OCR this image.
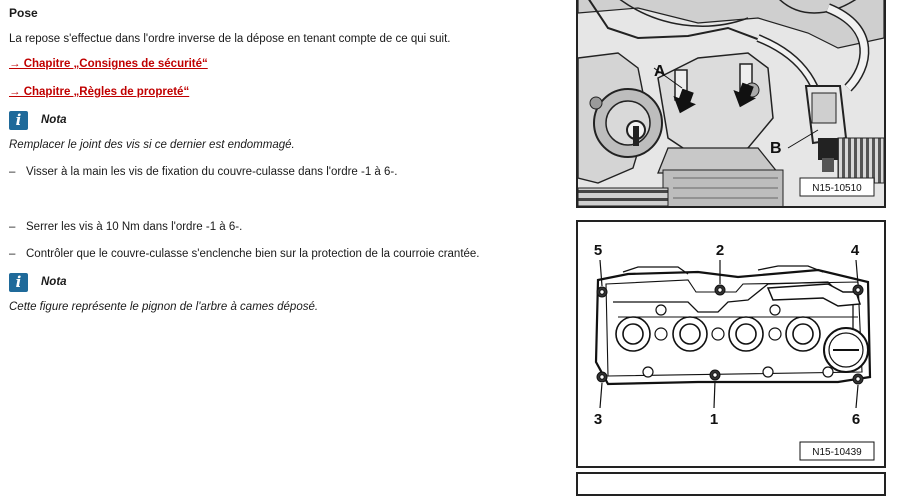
Pose
La repose s'effectue dans l'ordre inverse de la dépose en tenant compte de ce qui suit.
→ Chapitre „Consignes de sécurité“
→ Chapitre „Règles de propreté“
i	Nota
Remplacer le joint des vis si ce dernier est endommagé.
– Visser à la main les vis de fixation du couvre-culasse dans l'ordre -1 à 6-.
– Serrer les vis à 10 Nm dans l'ordre -1 à 6-.
– Contrôler que le couvre-culasse s'enclenche bien sur la protection de la courroie crantée.
i	Nota
Cette figure représente le pignon de l'arbre à cames déposé.
A
B
N15-10510
5	2	4
3	1	6
N15-10439
